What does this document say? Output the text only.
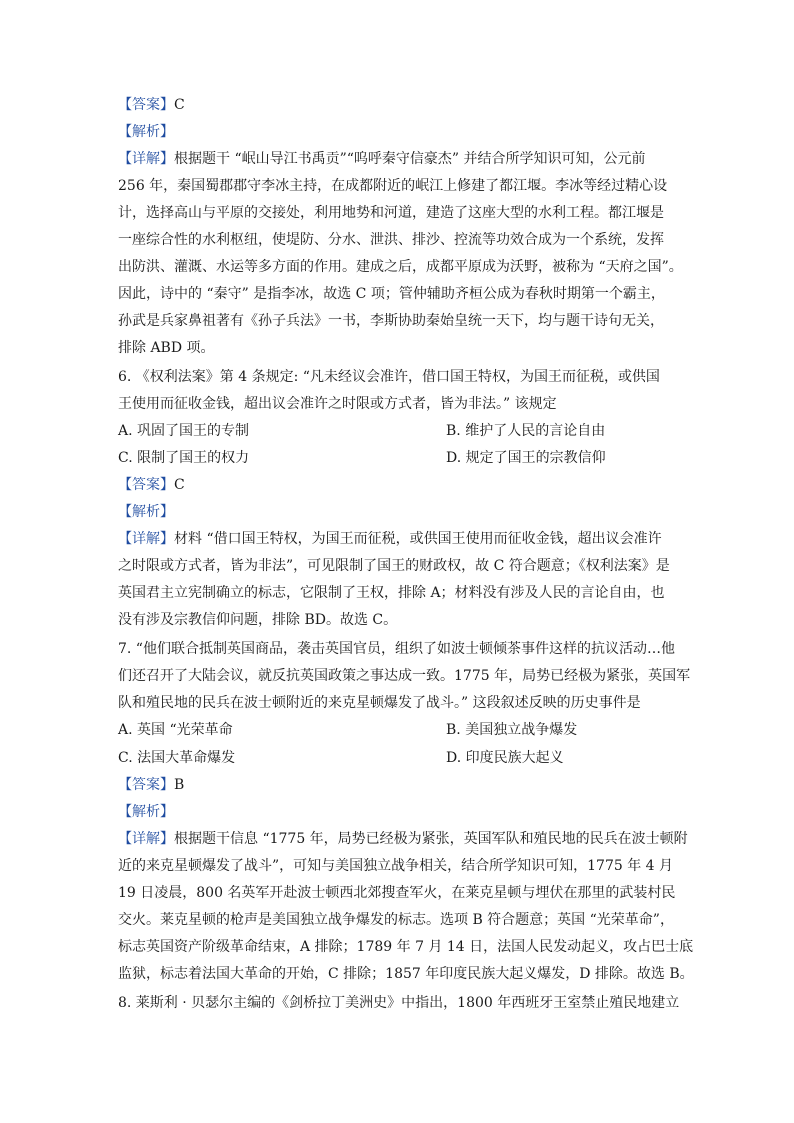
【答案】C
【解析】
【详解】根据题干 “岷山导江书禹贡”“呜呼秦守信豪杰” 并结合所学知识可知，公元前
256 年，秦国蜀郡郡守李冰主持，在成都附近的岷江上修建了都江堰。李冰等经过精心设
计，选择高山与平原的交接处，利用地势和河道，建造了这座大型的水利工程。都江堰是
一座综合性的水利枢纽，使堤防、分水、泄洪、排沙、控流等功效合成为一个系统，发挥
出防洪、灌溉、水运等多方面的作用。建成之后，成都平原成为沃野，被称为 “天府之国”。
因此，诗中的 “秦守” 是指李冰，故选 C 项；管仲辅助齐桓公成为春秋时期第一个霸主，
孙武是兵家鼻祖著有《孙子兵法》一书，李斯协助秦始皇统一天下，均与题干诗句无关，
排除 ABD 项。
6. 《权利法案》第 4 条规定: “凡未经议会准许，借口国王特权，为国王而征税，或供国
王使用而征收金钱，超出议会准许之时限或方式者，皆为非法。” 该规定
A. 巩固了国王的专制	B. 维护了人民的言论自由
C. 限制了国王的权力	D. 规定了国王的宗教信仰
【答案】C
【解析】
【详解】材料 “借口国王特权，为国王而征税，或供国王使用而征收金钱，超出议会准许
之时限或方式者，皆为非法”，可见限制了国王的财政权，故 C 符合题意；《权利法案》是
英国君主立宪制确立的标志，它限制了王权，排除 A；材料没有涉及人民的言论自由，也
没有涉及宗教信仰问题，排除 BD。故选 C。
7. “他们联合抵制英国商品，袭击英国官员，组织了如波士顿倾茶事件这样的抗议活动…他
们还召开了大陆会议，就反抗英国政策之事达成一致。1775 年，局势已经极为紧张，英国军
队和殖民地的民兵在波士顿附近的来克星顿爆发了战斗。” 这段叙述反映的历史事件是
A. 英国 “光荣革命	B. 美国独立战争爆发
C. 法国大革命爆发	D. 印度民族大起义
【答案】B
【解析】
【详解】根据题干信息 “1775 年，局势已经极为紧张，英国军队和殖民地的民兵在波士顿附
近的来克星顿爆发了战斗”，可知与美国独立战争相关，结合所学知识可知，1775 年 4 月
19 日凌晨，800 名英军开赴波士顿西北郊搜查军火，在莱克星顿与埋伏在那里的武装村民
交火。莱克星顿的枪声是美国独立战争爆发的标志。选项 B 符合题意；英国 “光荣革命”，
标志英国资产阶级革命结束，A 排除；1789 年 7 月 14 日，法国人民发动起义，攻占巴士底
监狱，标志着法国大革命的开始，C 排除；1857 年印度民族大起义爆发，D 排除。故选 B。
8. 莱斯利 · 贝瑟尔主编的《剑桥拉丁美洲史》中指出，1800 年西班牙王室禁止殖民地建立
